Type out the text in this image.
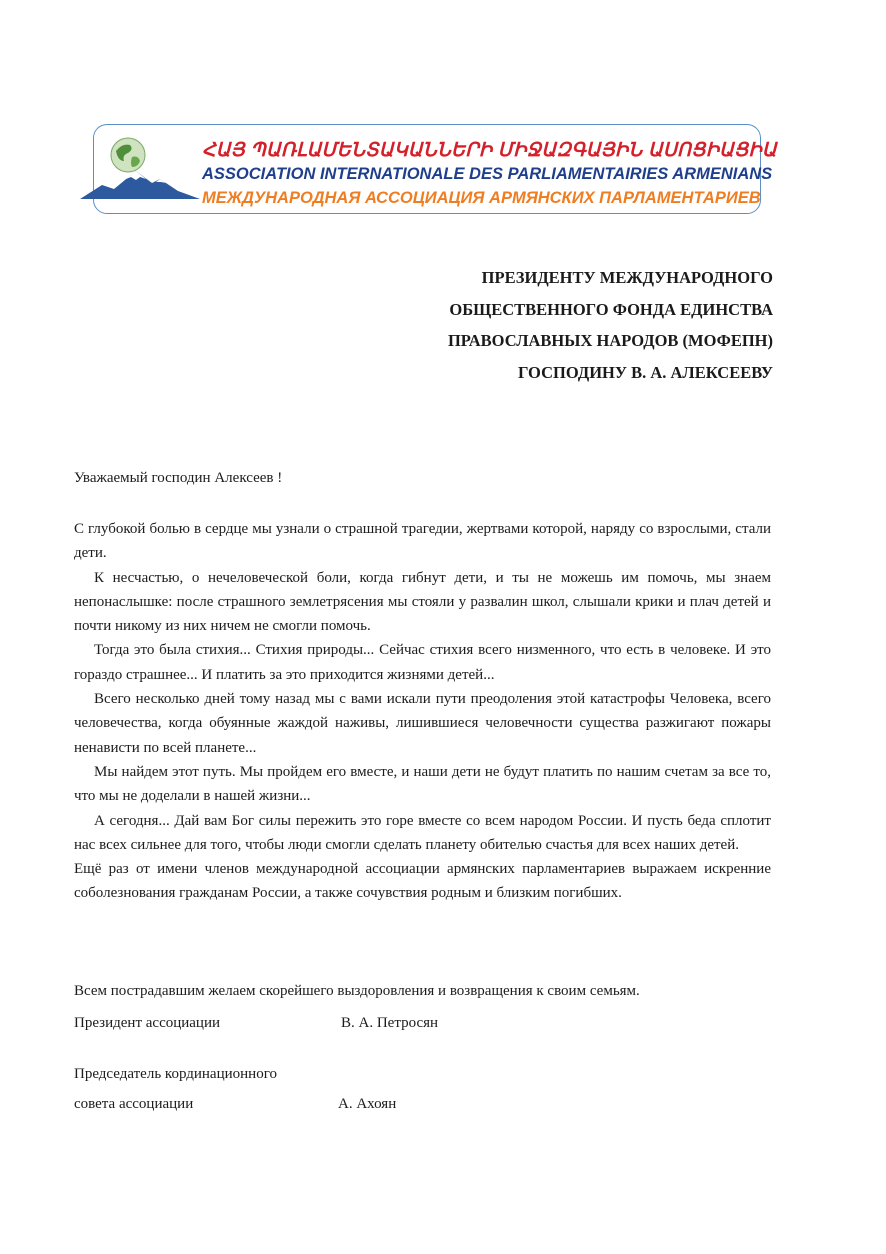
ՀԱՅ ՊԱՌԼԱՄԵՆՏԱԿԱՆՆԵՐԻ ՄԻՋԱԶԳԱՅԻՆ ԱՍՈՑԻԱՑԻԱ
ASSOCIATION INTERNATIONALE DES PARLIAMENTAIRIES ARMENIANS
МЕЖДУНАРОДНАЯ АССОЦИАЦИЯ АРМЯНСКИХ ПАРЛАМЕНТАРИЕВ
ПРЕЗИДЕНТУ МЕЖДУНАРОДНОГО
ОБЩЕСТВЕННОГО ФОНДА ЕДИНСТВА
ПРАВОСЛАВНЫХ НАРОДОВ (МОФЕПН)
ГОСПОДИНУ В. А. АЛЕКСЕЕВУ
Уважаемый господин Алексеев !

С глубокой болью в сердце мы узнали о страшной трагедии, жертвами которой, наряду со взрослыми, стали дети.

К несчастью, о нечеловеческой боли, когда гибнут дети, и ты не можешь им помочь, мы знаем непонаслышке: после страшного землетрясения мы стояли у развалин школ, слышали крики и плач детей и почти никому из них ничем не смогли помочь.

Тогда это была стихия... Стихия природы... Сейчас стихия всего низменного, что есть в человеке. И это гораздо страшнее... И платить за это приходится жизнями детей...

Всего несколько дней тому назад мы с вами искали пути преодоления этой катастрофы Человека, всего человечества, когда обуянные жаждой наживы, лишившиеся человечности существа разжигают пожары ненависти по всей планете...

Мы найдем этот путь. Мы пройдем его вместе, и наши дети не будут платить по нашим счетам за все то, что мы не доделали в нашей жизни...

А сегодня... Дай вам Бог силы пережить это горе вместе со всем народом России. И пусть беда сплотит нас всех сильнее для того, чтобы люди смогли сделать планету обителью счастья для всех наших детей.

Ещё раз от имени членов международной ассоциации армянских парламентариев выражаем искренние соболезнования гражданам России, а также сочувствия родным и близким погибших.

Всем пострадавшим желаем скорейшего выздоровления и возвращения к своим семьям.
Президент ассоциации	В. А. Петросян
Председатель кординационного
совета ассоциации	А. Ахоян
